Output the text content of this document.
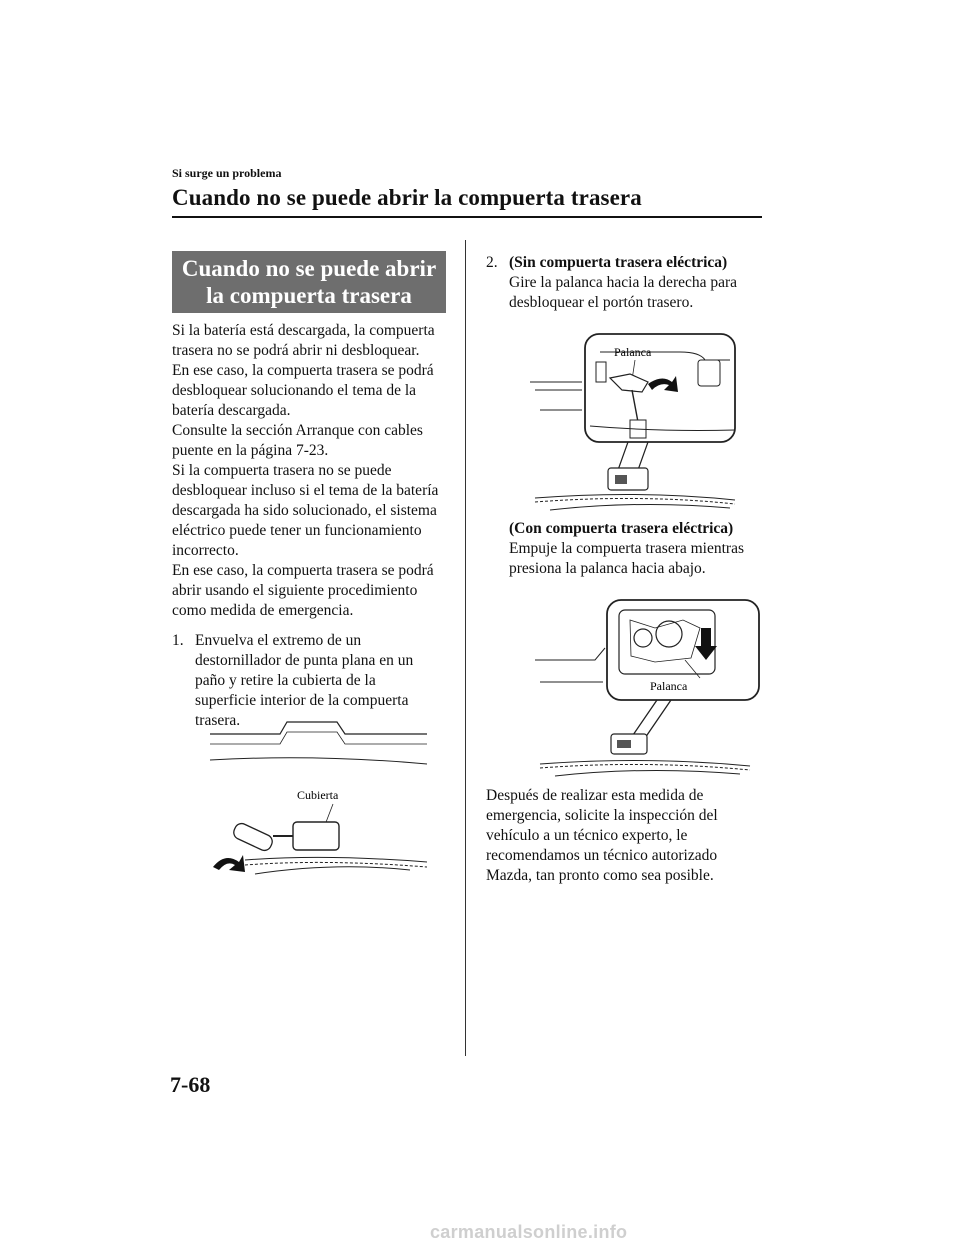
Si surge un problema
Cuando no se puede abrir la compuerta trasera
Cuando no se puede abrir
la compuerta trasera
Si la batería está descargada, la compuerta
trasera no se podrá abrir ni desbloquear.
En ese caso, la compuerta trasera se podrá
desbloquear solucionando el tema de la
batería descargada.
Consulte la sección Arranque con cables
puente en la página 7-23.
Si la compuerta trasera no se puede
desbloquear incluso si el tema de la batería
descargada ha sido solucionado, el sistema
eléctrico puede tener un funcionamiento
incorrecto.
En ese caso, la compuerta trasera se podrá
abrir usando el siguiente procedimiento
como medida de emergencia.
1. Envuelva el extremo de un
destornillador de punta plana en un
paño y retire la cubierta de la
superficie interior de la compuerta
trasera.
Cubierta
2. (Sin compuerta trasera eléctrica)
Gire la palanca hacia la derecha para
desbloquear el portón trasero.
Palanca
(Con compuerta trasera eléctrica)
Empuje la compuerta trasera mientras
presiona la palanca hacia abajo.
Palanca
Después de realizar esta medida de
emergencia, solicite la inspección del
vehículo a un técnico experto, le
recomendamos un técnico autorizado
Mazda, tan pronto como sea posible.
7-68
carmanualsonline.info
